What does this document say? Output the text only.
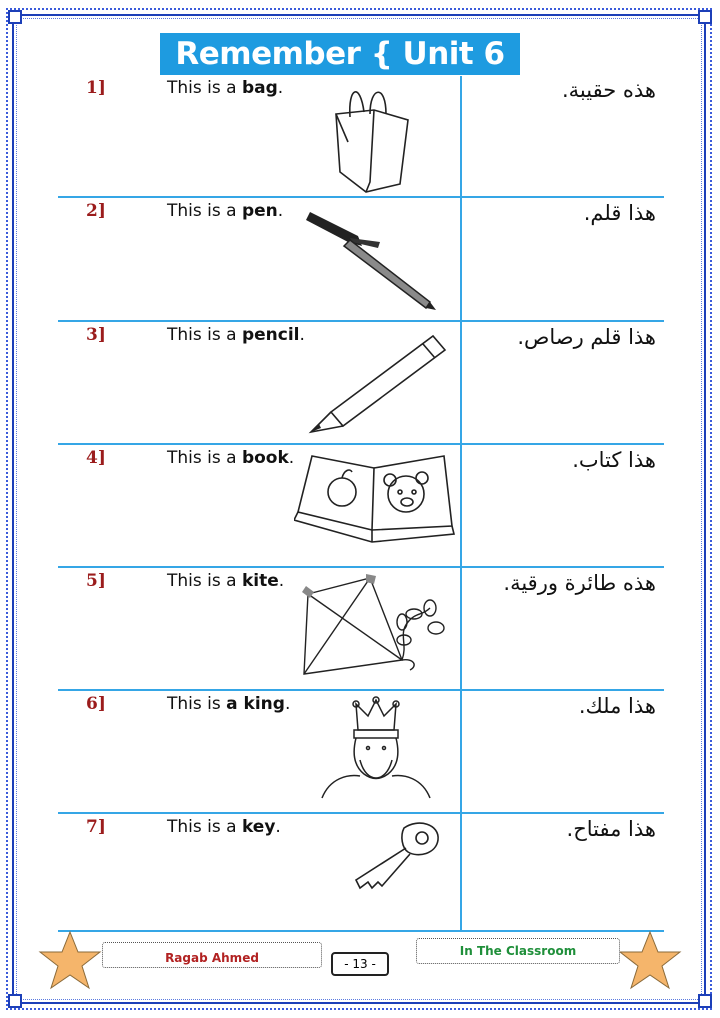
Remember { Unit 6 }
1]	This is a bag.	هذه حقيبة.
2]	This is a pen.	هذا قلم.
3]	This is a pencil.	هذا قلم رصاص.
4]	This is a book.	هذا كتاب.
5]	This is a kite.	هذه طائرة ورقية.
6]	This is a king.	هذا ملك.
7]	This is a key.	هذا مفتاح.
Ragab Ahmed	- 13 -
In The Classroom
